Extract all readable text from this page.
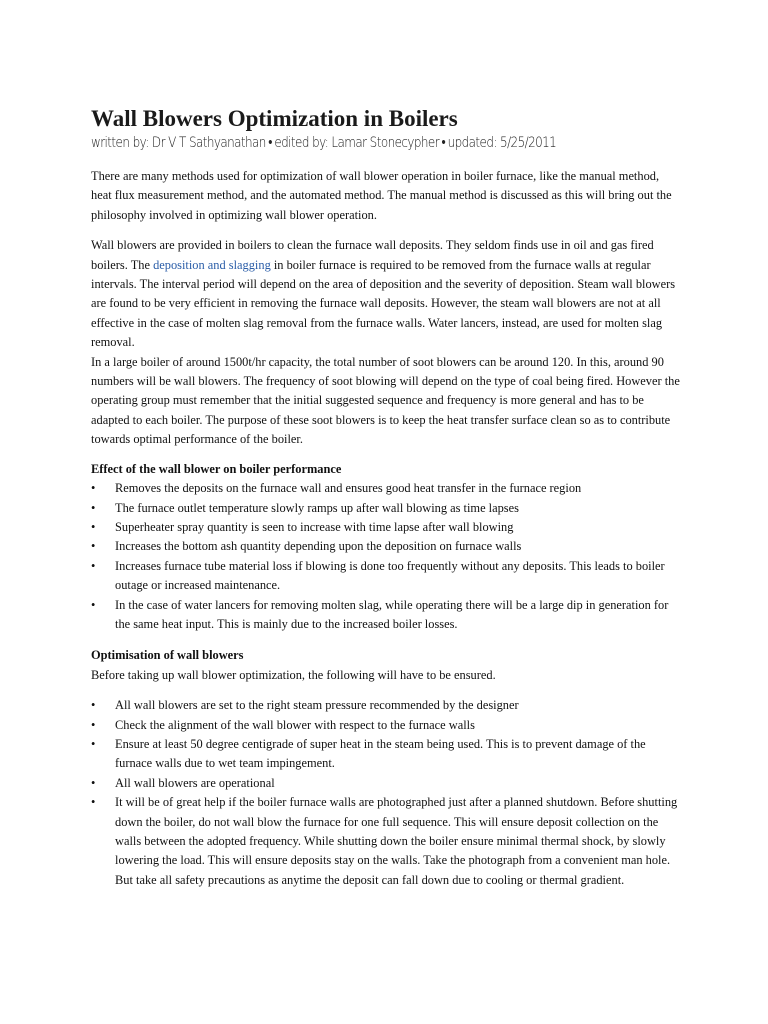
Wall Blowers Optimization in Boilers
written by: Dr V T Sathyanathan • edited by: Lamar Stonecypher • updated: 5/25/2011

There are many methods used for optimization of wall blower operation in boiler furnace, like the manual method, heat flux measurement method, and the automated method. The manual method is discussed as this will bring out the philosophy involved in optimizing wall blower operation.

Wall blowers are provided in boilers to clean the furnace wall deposits. They seldom finds use in oil and gas fired boilers. The deposition and slagging in boiler furnace is required to be removed from the furnace walls at regular intervals. The interval period will depend on the area of deposition and the severity of deposition. Steam wall blowers are found to be very efficient in removing the furnace wall deposits. However, the steam wall blowers are not at all effective in the case of molten slag removal from the furnace walls. Water lancers, instead, are used for molten slag removal.

In a large boiler of around 1500t/hr capacity, the total number of soot blowers can be around 120. In this, around 90 numbers will be wall blowers. The frequency of soot blowing will depend on the type of coal being fired. However the operating group must remember that the initial suggested sequence and frequency is more general and has to be adapted to each boiler. The purpose of these soot blowers is to keep the heat transfer surface clean so as to contribute towards optimal performance of the boiler.

Effect of the wall blower on boiler performance
• Removes the deposits on the furnace wall and ensures good heat transfer in the furnace region
• The furnace outlet temperature slowly ramps up after wall blowing as time lapses
• Superheater spray quantity is seen to increase with time lapse after wall blowing
• Increases the bottom ash quantity depending upon the deposition on furnace walls
• Increases furnace tube material loss if blowing is done too frequently without any deposits. This leads to boiler outage or increased maintenance.
• In the case of water lancers for removing molten slag, while operating there will be a large dip in generation for the same heat input. This is mainly due to the increased boiler losses.
Optimisation of wall blowers

Before taking up wall blower optimization, the following will have to be ensured.

• All wall blowers are set to the right steam pressure recommended by the designer
• Check the alignment of the wall blower with respect to the furnace walls
• Ensure at least 50 degree centigrade of super heat in the steam being used. This is to prevent damage of the furnace walls due to wet team impingement.
• All wall blowers are operational
• It will be of great help if the boiler furnace walls are photographed just after a planned shutdown. Before shutting down the boiler, do not wall blow the furnace for one full sequence. This will ensure deposit collection on the walls between the adopted frequency. While shutting down the boiler ensure minimal thermal shock, by slowly lowering the load. This will ensure deposits stay on the walls. Take the photograph from a convenient man hole. But take all safety precautions as anytime the deposit can fall down due to cooling or thermal gradient.
